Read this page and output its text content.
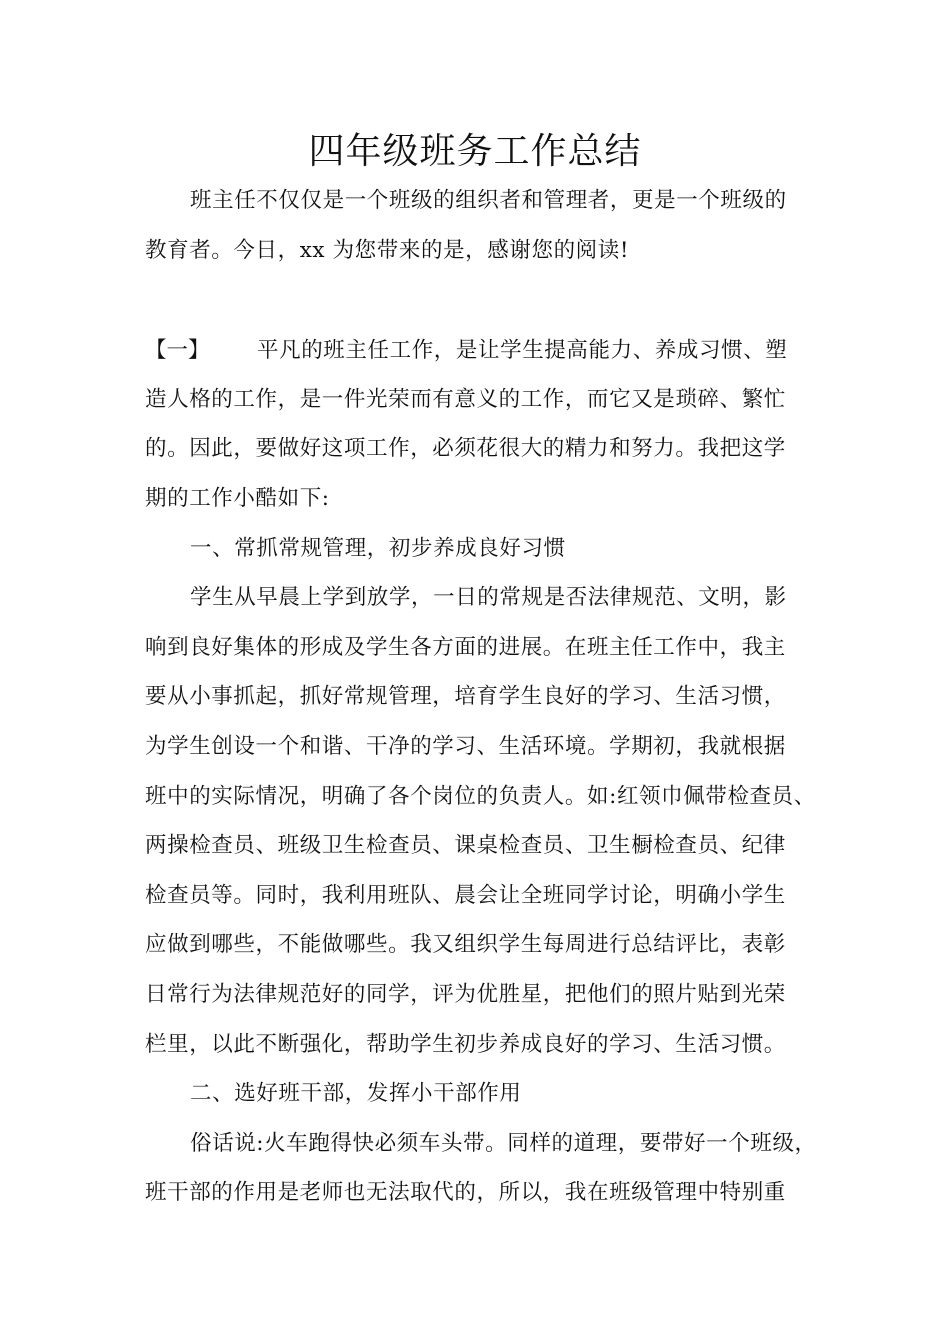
四年级班务工作总结
班主任不仅仅是一个班级的组织者和管理者，更是一个班级的
教育者。今日，xx 为您带来的是，感谢您的阅读!
【一】 平凡的班主任工作，是让学生提高能力、养成习惯、塑
造人格的工作，是一件光荣而有意义的工作，而它又是琐碎、繁忙
的。因此，要做好这项工作，必须花很大的精力和努力。我把这学
期的工作小酷如下:
一、常抓常规管理，初步养成良好习惯
学生从早晨上学到放学，一日的常规是否法律规范、文明，影
响到良好集体的形成及学生各方面的进展。在班主任工作中，我主
要从小事抓起，抓好常规管理，培育学生良好的学习、生活习惯，
为学生创设一个和谐、干净的学习、生活环境。学期初，我就根据
班中的实际情况，明确了各个岗位的负责人。如:红领巾佩带检查员、
两操检查员、班级卫生检查员、课桌检查员、卫生橱检查员、纪律
检查员等。同时，我利用班队、晨会让全班同学讨论，明确小学生
应做到哪些，不能做哪些。我又组织学生每周进行总结评比，表彰
日常行为法律规范好的同学，评为优胜星，把他们的照片贴到光荣
栏里，以此不断强化，帮助学生初步养成良好的学习、生活习惯。
二、选好班干部，发挥小干部作用
俗话说:火车跑得快必须车头带。同样的道理，要带好一个班级，
班干部的作用是老师也无法取代的，所以，我在班级管理中特别重
